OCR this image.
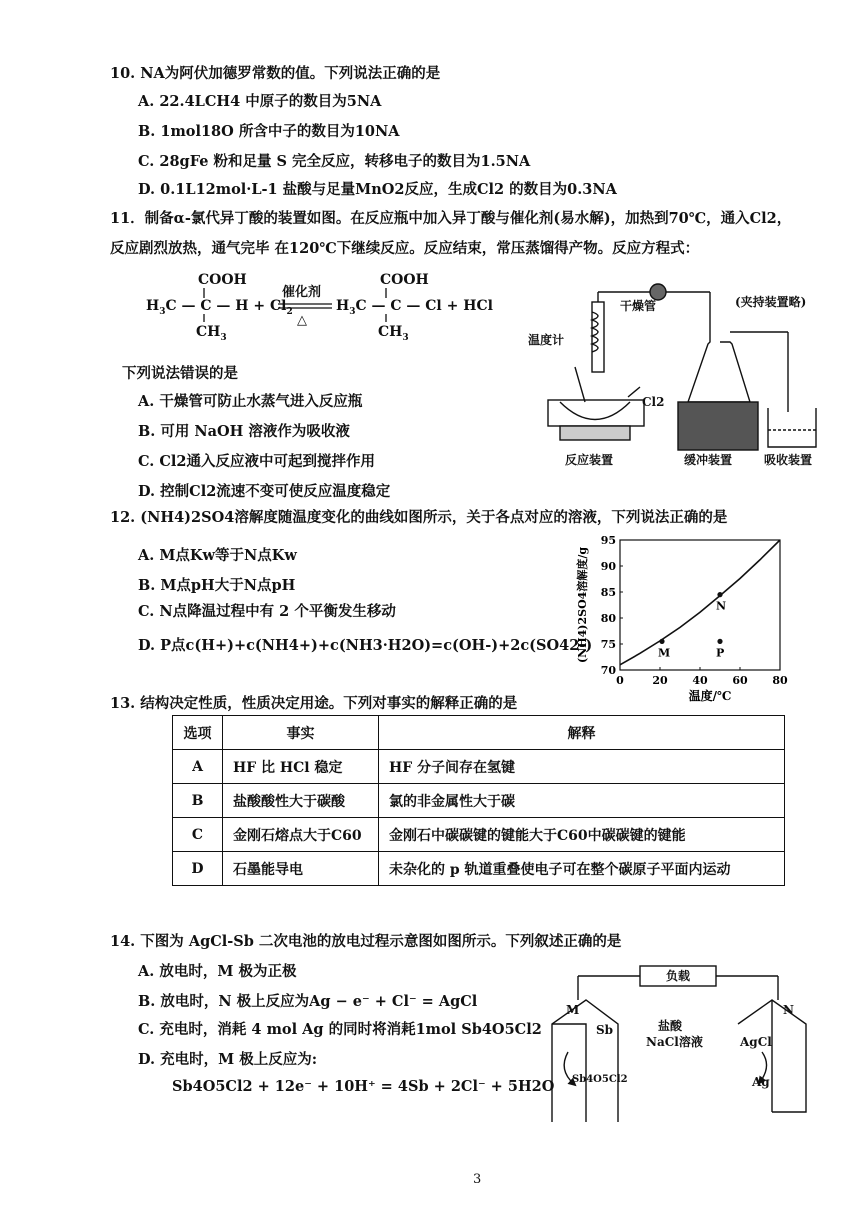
10. NA为阿伏加德罗常数的值。下列说法正确的是
A. 22.4LCH4 中原子的数目为5NA
B. 1mol18O 所含中子的数目为10NA
C. 28gFe 粉和足量 S 完全反应，转移电子的数目为1.5NA
D. 0.1L12mol·L-1 盐酸与足量MnO2反应，生成Cl2 的数目为0.3NA
11．制备α-氯代异丁酸的装置如图。在反应瓶中加入异丁酸与催化剂(易水解)，加热到70℃，通入Cl2，
反应剧烈放热，通气完毕 在120℃下继续反应。反应结束，常压蒸馏得产物。反应方程式：
COOH
$H_3C$ — C — $H + Cl_2$
$CH_3$
催化剂
△
COOH
$H_3C$ — C — Cl + HCl
$CH_3$
下列说法错误的是
A. 干燥管可防止水蒸气进入反应瓶
B. 可用 NaOH 溶液作为吸收液
C. Cl2通入反应液中可起到搅拌作用
D. 控制Cl2流速不变可使反应温度稳定
干燥管	(夹持装置略)
温度计
Cl2
反应装置	缓冲装置	吸收装置
12. (NH4)2SO4溶解度随温度变化的曲线如图所示，关于各点对应的溶液，下列说法正确的是
A. M点Kw等于N点Kw
B. M点pH大于N点pH
C. N点降温过程中有 2 个平衡发生移动
D. P点c(H+)+c(NH4+)+c(NH3·H2O)=c(OH-)+2c(SO42-)
0	20 40 60 80
70
75
80
85
90
95
M
N
P
温度/℃
(NH4)2SO4溶解度/g
13. 结构决定性质，性质决定用途。下列对事实的解释正确的是
选项	事实	解释
A	HF 比 HCl 稳定	HF 分子间存在氢键
B	盐酸酸性大于碳酸	氯的非金属性大于碳
C	金刚石熔点大于C60	金刚石中碳碳键的键能大于C60中碳碳键的键能
D	石墨能导电	未杂化的 p 轨道重叠使电子可在整个碳原子平面内运动
14. 下图为 AgCl-Sb 二次电池的放电过程示意图如图所示。下列叙述正确的是
A. 放电时，M 极为正极
B. 放电时，N 极上反应为Ag − e⁻ + Cl⁻ = AgCl
C. 充电时，消耗 4 mol Ag 的同时将消耗1mol Sb4O5Cl2
D. 充电时，M 极上反应为:
Sb4O5Cl2 + 12e⁻ + 10H⁺ = 4Sb + 2Cl⁻ + 5H2O
负载
M	N
Sb
Sb4O5Cl2
盐酸
NaCl溶液	AgCl
Ag
3
